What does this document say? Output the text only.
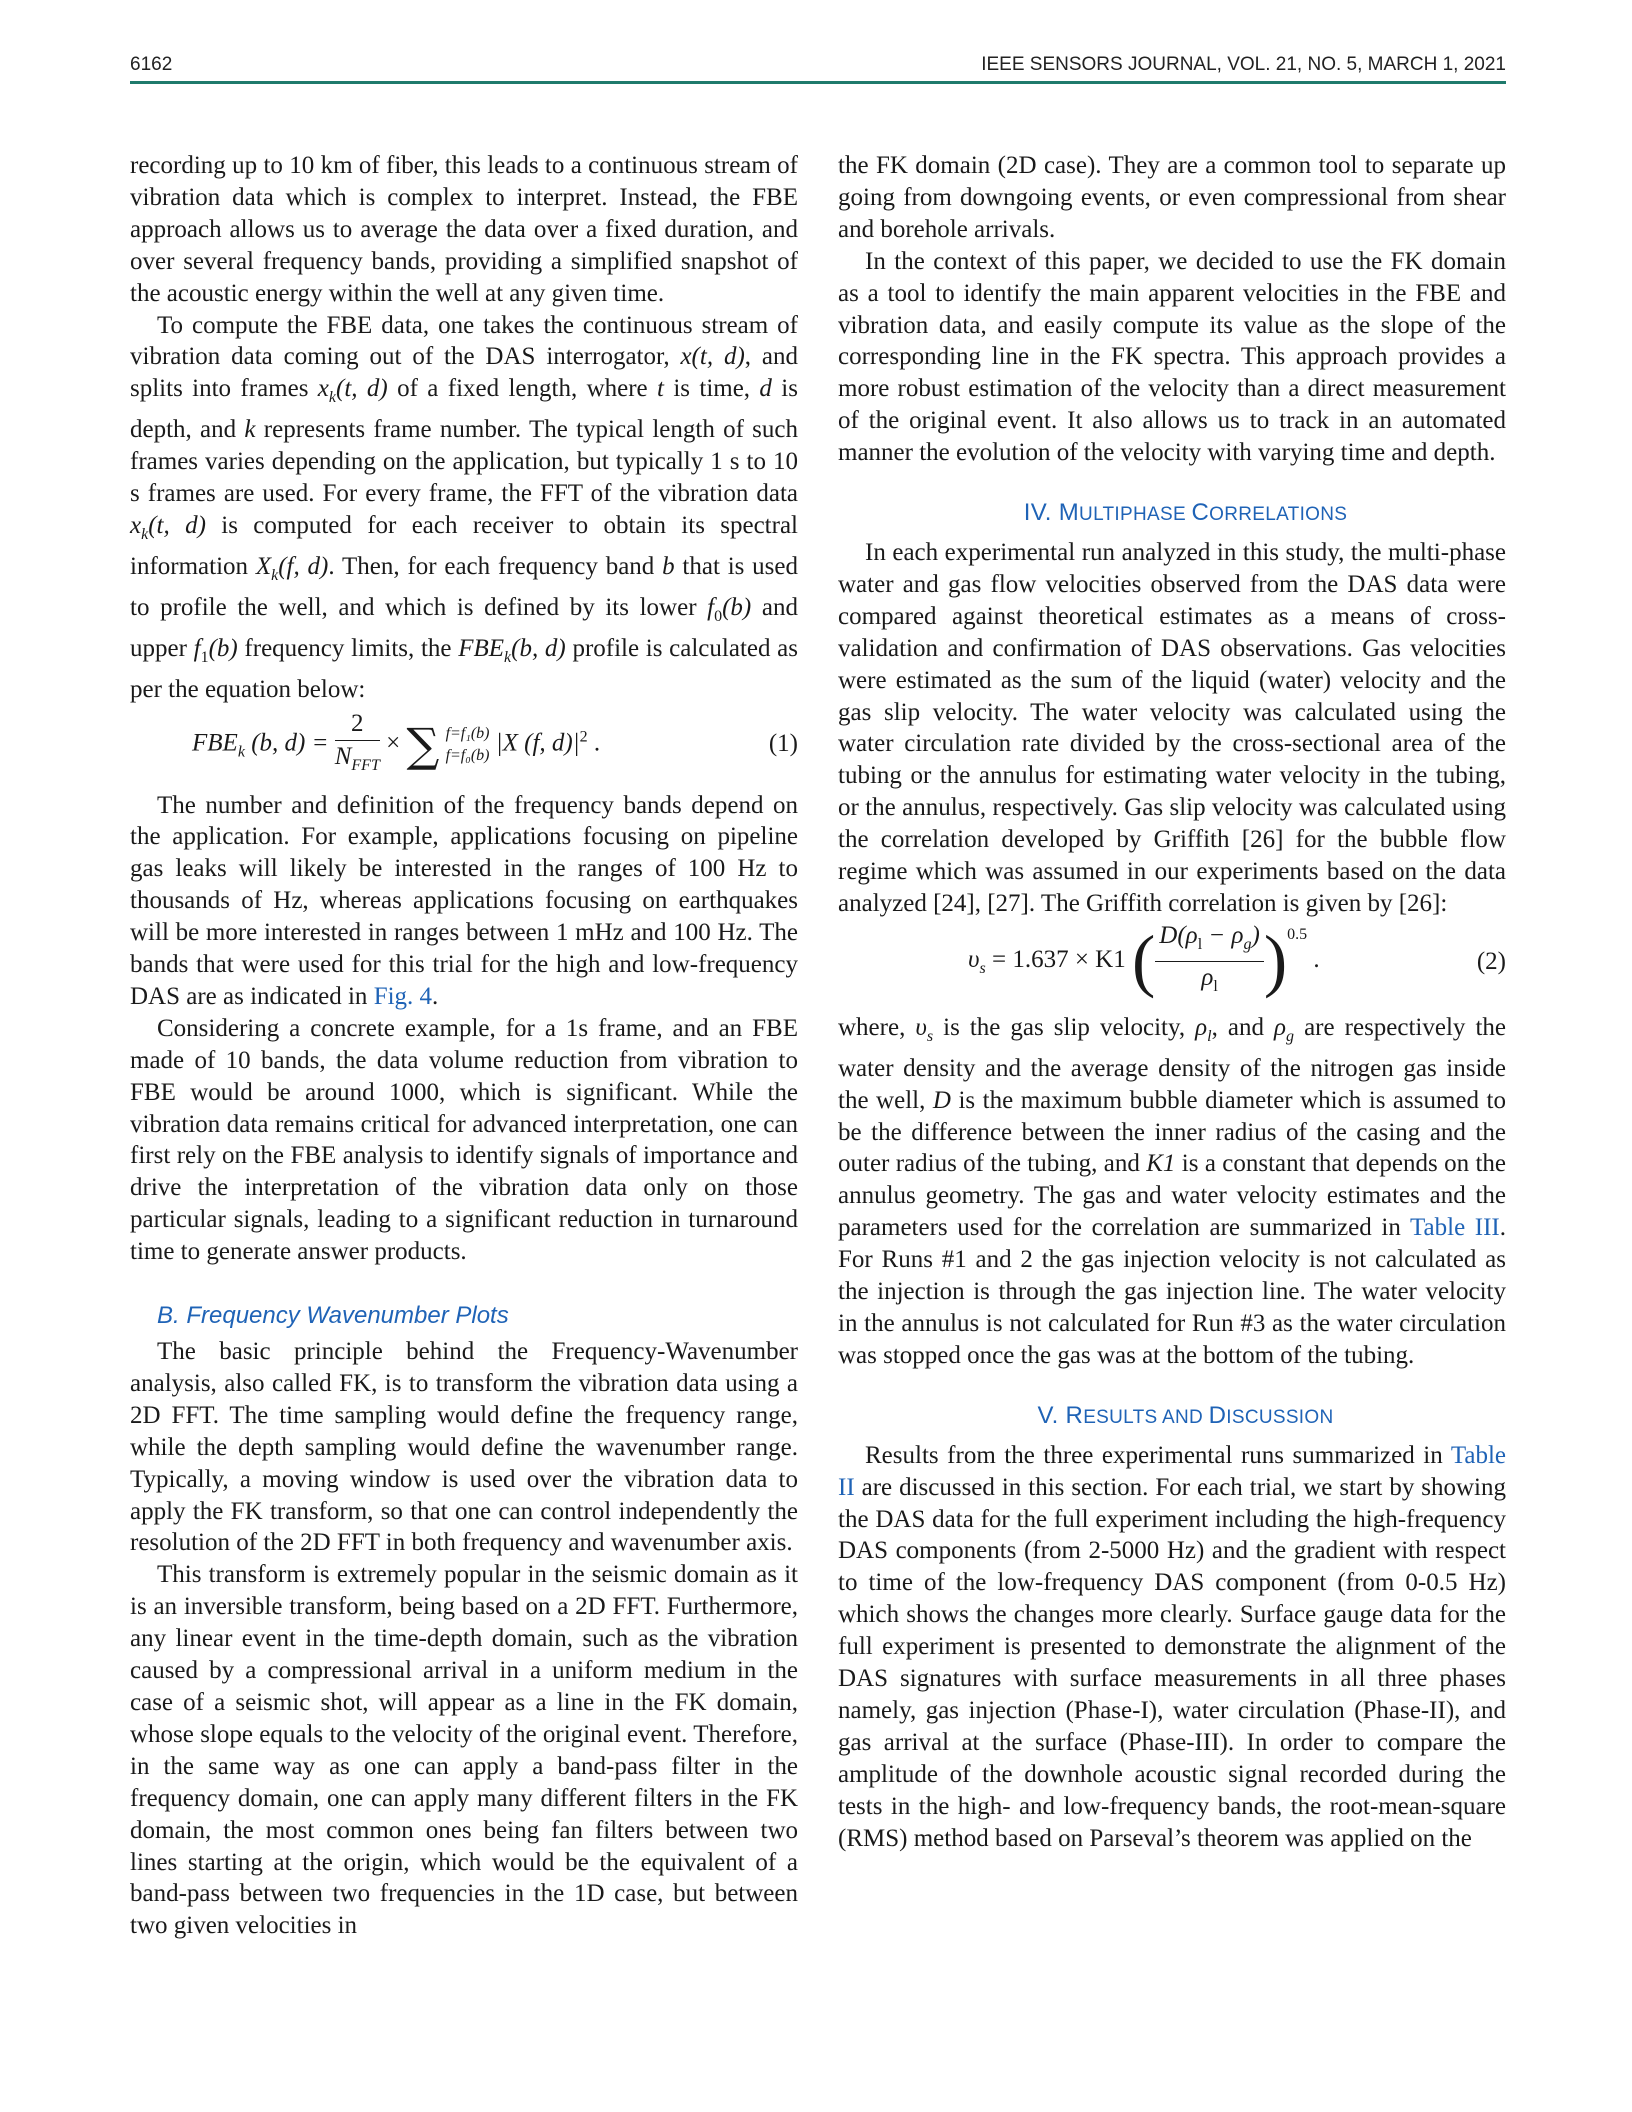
6162	IEEE SENSORS JOURNAL, VOL. 21, NO. 5, MARCH 1, 2021

recording up to 10 km of fiber, this leads to a continuous stream of vibration data which is complex to interpret. Instead, the FBE approach allows us to average the data over a fixed duration, and over several frequency bands, providing a simplified snapshot of the acoustic energy within the well at any given time.

To compute the FBE data, one takes the continuous stream of vibration data coming out of the DAS interrogator, x(t, d), and splits into frames $x_k(t$, d) of a fixed length, where t is time, d is depth, and k represents frame number. The typical length of such frames varies depending on the application, but typically 1 s to 10 s frames are used. For every frame, the FFT of the vibration data $x_k(t$, d) is computed for each receiver to obtain its spectral information $X_k(f$, d). Then, for each frequency band b that is used to profile the well, and which is defined by its lower $f_0(b)$ and upper $f_1(b)$ frequency limits, the $FBE_k(b$, d) profile is calculated as per the equation below:

$FBE_k$ (b, $d) = \frac{2}{N_{FFT}}$ × ∑ f=f₁(b)
f=f₀(b) |X (f, $d)|^2$ .	(1)

The number and definition of the frequency bands depend on the application. For example, applications focusing on pipeline gas leaks will likely be interested in the ranges of 100 Hz to thousands of Hz, whereas applications focusing on earthquakes will be more interested in ranges between 1 mHz and 100 Hz. The bands that were used for this trial for the high and low-frequency DAS are as indicated in Fig. 4.

Considering a concrete example, for a 1s frame, and an FBE made of 10 bands, the data volume reduction from vibration to FBE would be around 1000, which is significant. While the vibration data remains critical for advanced interpretation, one can first rely on the FBE analysis to identify signals of importance and drive the interpretation of the vibration data only on those particular signals, leading to a significant reduction in turnaround time to generate answer products.

B. Frequency Wavenumber Plots

The basic principle behind the Frequency-Wavenumber analysis, also called FK, is to transform the vibration data using a 2D FFT. The time sampling would define the frequency range, while the depth sampling would define the wavenumber range. Typically, a moving window is used over the vibration data to apply the FK transform, so that one can control independently the resolution of the 2D FFT in both frequency and wavenumber axis.

This transform is extremely popular in the seismic domain as it is an inversible transform, being based on a 2D FFT. Furthermore, any linear event in the time-depth domain, such as the vibration caused by a compressional arrival in a uniform medium in the case of a seismic shot, will appear as a line in the FK domain, whose slope equals to the velocity of the original event. Therefore, in the same way as one can apply a band-pass filter in the frequency domain, one can apply many different filters in the FK domain, the most common ones being fan filters between two lines starting at the origin, which would be the equivalent of a band-pass between two frequencies in the 1D case, but between two given velocities in

the FK domain (2D case). They are a common tool to separate up going from downgoing events, or even compressional from shear and borehole arrivals.

In the context of this paper, we decided to use the FK domain as a tool to identify the main apparent velocities in the FBE and vibration data, and easily compute its value as the slope of the corresponding line in the FK spectra. This approach provides a more robust estimation of the velocity than a direct measurement of the original event. It also allows us to track in an automated manner the evolution of the velocity with varying time and depth.

IV. MULTIPHASE CORRELATIONS

In each experimental run analyzed in this study, the multi-phase water and gas flow velocities observed from the DAS data were compared against theoretical estimates as a means of cross-validation and confirmation of DAS observations. Gas velocities were estimated as the sum of the liquid (water) velocity and the gas slip velocity. The water velocity was calculated using the water circulation rate divided by the cross-sectional area of the tubing or the annulus for estimating water velocity in the tubing, or the annulus, respectively. Gas slip velocity was calculated using the correlation developed by Griffith [26] for the bubble flow regime which was assumed in our experiments based on the data analyzed [24], [27]. The Griffith correlation is given by [26]:

$\upsilon_s = 1.637 \times K1$ ( $\frac{D(\rho_l - \rho_g)}{\rho_l} )^{0.5}$ .	(2)

where, $\upsilon_s$ is the gas slip velocity, $\rho_l$, and $\rho_g$ are respectively the water density and the average density of the nitrogen gas inside the well, D is the maximum bubble diameter which is assumed to be the difference between the inner radius of the casing and the outer radius of the tubing, and K1 is a constant that depends on the annulus geometry. The gas and water velocity estimates and the parameters used for the correlation are summarized in Table III. For Runs #1 and 2 the gas injection velocity is not calculated as the injection is through the gas injection line. The water velocity in the annulus is not calculated for Run #3 as the water circulation was stopped once the gas was at the bottom of the tubing.

V. RESULTS AND DISCUSSION

Results from the three experimental runs summarized in Table II are discussed in this section. For each trial, we start by showing the DAS data for the full experiment including the high-frequency DAS components (from 2-5000 Hz) and the gradient with respect to time of the low-frequency DAS component (from 0-0.5 Hz) which shows the changes more clearly. Surface gauge data for the full experiment is presented to demonstrate the alignment of the DAS signatures with surface measurements in all three phases namely, gas injection (Phase-I), water circulation (Phase-II), and gas arrival at the surface (Phase-III). In order to compare the amplitude of the downhole acoustic signal recorded during the tests in the high- and low-frequency bands, the root-mean-square (RMS) method based on Parseval’s theorem was applied on the
